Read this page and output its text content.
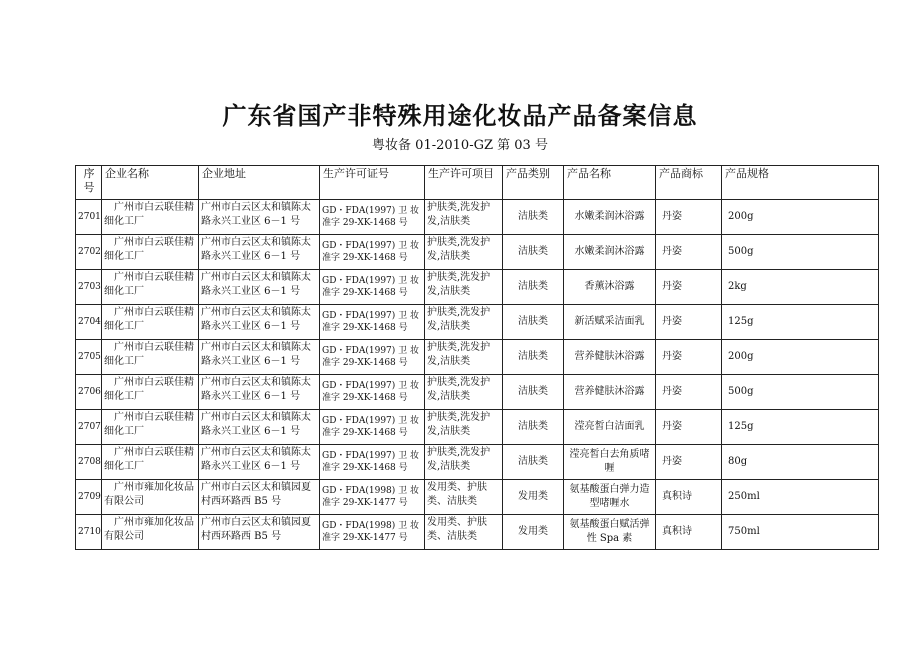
广东省国产非特殊用途化妆品产品备案信息
粤妆备 01-2010-GZ 第 03 号
序号	企业名称	企业地址	生产许可证号	生产许可项目	产品类别	产品名称	产品商标	产品规格
2701	广州市白云联佳精细化工厂	广州市白云区太和镇陈太路永兴工业区 6－1 号	GD・FDA(1997) 卫 妆准字 29-XK-1468 号	护肤类,洗发护发,洁肤类	洁肤类	水嫩柔润沐浴露	丹姿	200g
2702	广州市白云联佳精细化工厂	广州市白云区太和镇陈太路永兴工业区 6－1 号	GD・FDA(1997) 卫 妆准字 29-XK-1468 号	护肤类,洗发护发,洁肤类	洁肤类	水嫩柔润沐浴露	丹姿	500g
2703	广州市白云联佳精细化工厂	广州市白云区太和镇陈太路永兴工业区 6－1 号	GD・FDA(1997) 卫 妆准字 29-XK-1468 号	护肤类,洗发护发,洁肤类	洁肤类	香薰沐浴露	丹姿	2kg
2704	广州市白云联佳精细化工厂	广州市白云区太和镇陈太路永兴工业区 6－1 号	GD・FDA(1997) 卫 妆准字 29-XK-1468 号	护肤类,洗发护发,洁肤类	洁肤类	新活赋采洁面乳	丹姿	125g
2705	广州市白云联佳精细化工厂	广州市白云区太和镇陈太路永兴工业区 6－1 号	GD・FDA(1997) 卫 妆准字 29-XK-1468 号	护肤类,洗发护发,洁肤类	洁肤类	营养健肤沐浴露	丹姿	200g
2706	广州市白云联佳精细化工厂	广州市白云区太和镇陈太路永兴工业区 6－1 号	GD・FDA(1997) 卫 妆准字 29-XK-1468 号	护肤类,洗发护发,洁肤类	洁肤类	营养健肤沐浴露	丹姿	500g
2707	广州市白云联佳精细化工厂	广州市白云区太和镇陈太路永兴工业区 6－1 号	GD・FDA(1997) 卫 妆准字 29-XK-1468 号	护肤类,洗发护发,洁肤类	洁肤类	滢亮皙白洁面乳	丹姿	125g
2708	广州市白云联佳精细化工厂	广州市白云区太和镇陈太路永兴工业区 6－1 号	GD・FDA(1997) 卫 妆准字 29-XK-1468 号	护肤类,洗发护发,洁肤类	洁肤类	滢亮皙白去角质啫喱	丹姿	80g
2709	广州市雍加化妆品有限公司	广州市白云区太和镇园夏村西环路西 B5 号	GD・FDA(1998) 卫 妆准字 29-XK-1477 号	发用类、护肤类、洁肤类	发用类	氨基酸蛋白弹力造型啫喱水	真积诗	250ml
2710	广州市雍加化妆品有限公司	广州市白云区太和镇园夏村西环路西 B5 号	GD・FDA(1998) 卫 妆准字 29-XK-1477 号	发用类、护肤类、洁肤类	发用类	氨基酸蛋白赋活弹性 Spa 素	真积诗	750ml
